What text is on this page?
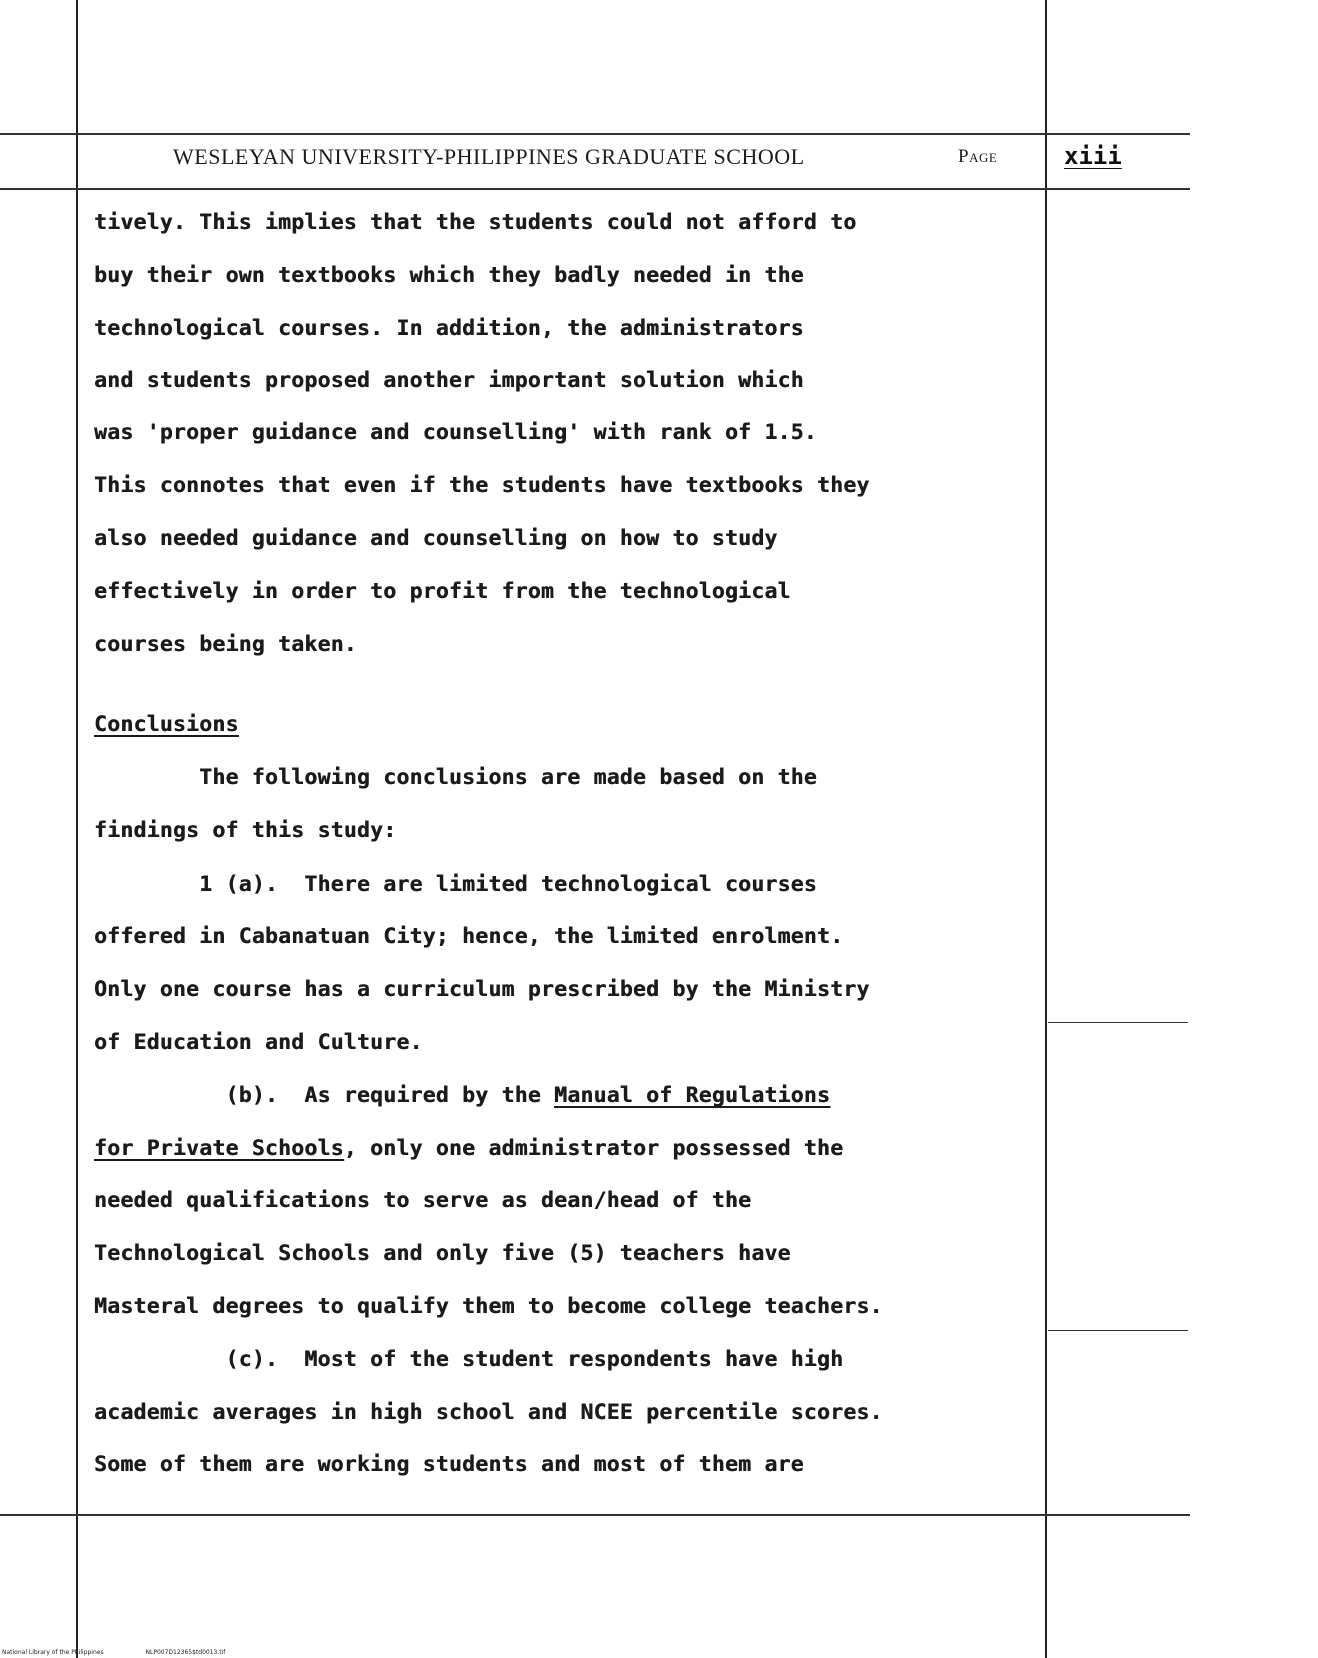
WESLEYAN UNIVERSITY-PHILIPPINES GRADUATE SCHOOL	Page	xiii
tively. This implies that the students could not afford to
buy their own textbooks which they badly needed in the
technological courses. In addition, the administrators
and students proposed another important solution which
was 'proper guidance and counselling' with rank of 1.5.
This connotes that even if the students have textbooks they
also needed guidance and counselling on how to study
effectively in order to profit from the technological
courses being taken.
Conclusions
The following conclusions are made based on the
findings of this study:
1 (a).  There are limited technological courses
offered in Cabanatuan City; hence, the limited enrolment.
Only one course has a curriculum prescribed by the Ministry
of Education and Culture.
(b).  As required by the Manual of Regulations
for Private Schools, only one administrator possessed the
needed qualifications to serve as dean/head of the
Technological Schools and only five (5) teachers have
Masteral degrees to qualify them to become college teachers.
(c).  Most of the student respondents have high
academic averages in high school and NCEE percentile scores.
Some of them are working students and most of them are
National Library of the Philippines	NLP007D12365$td0013.tif
